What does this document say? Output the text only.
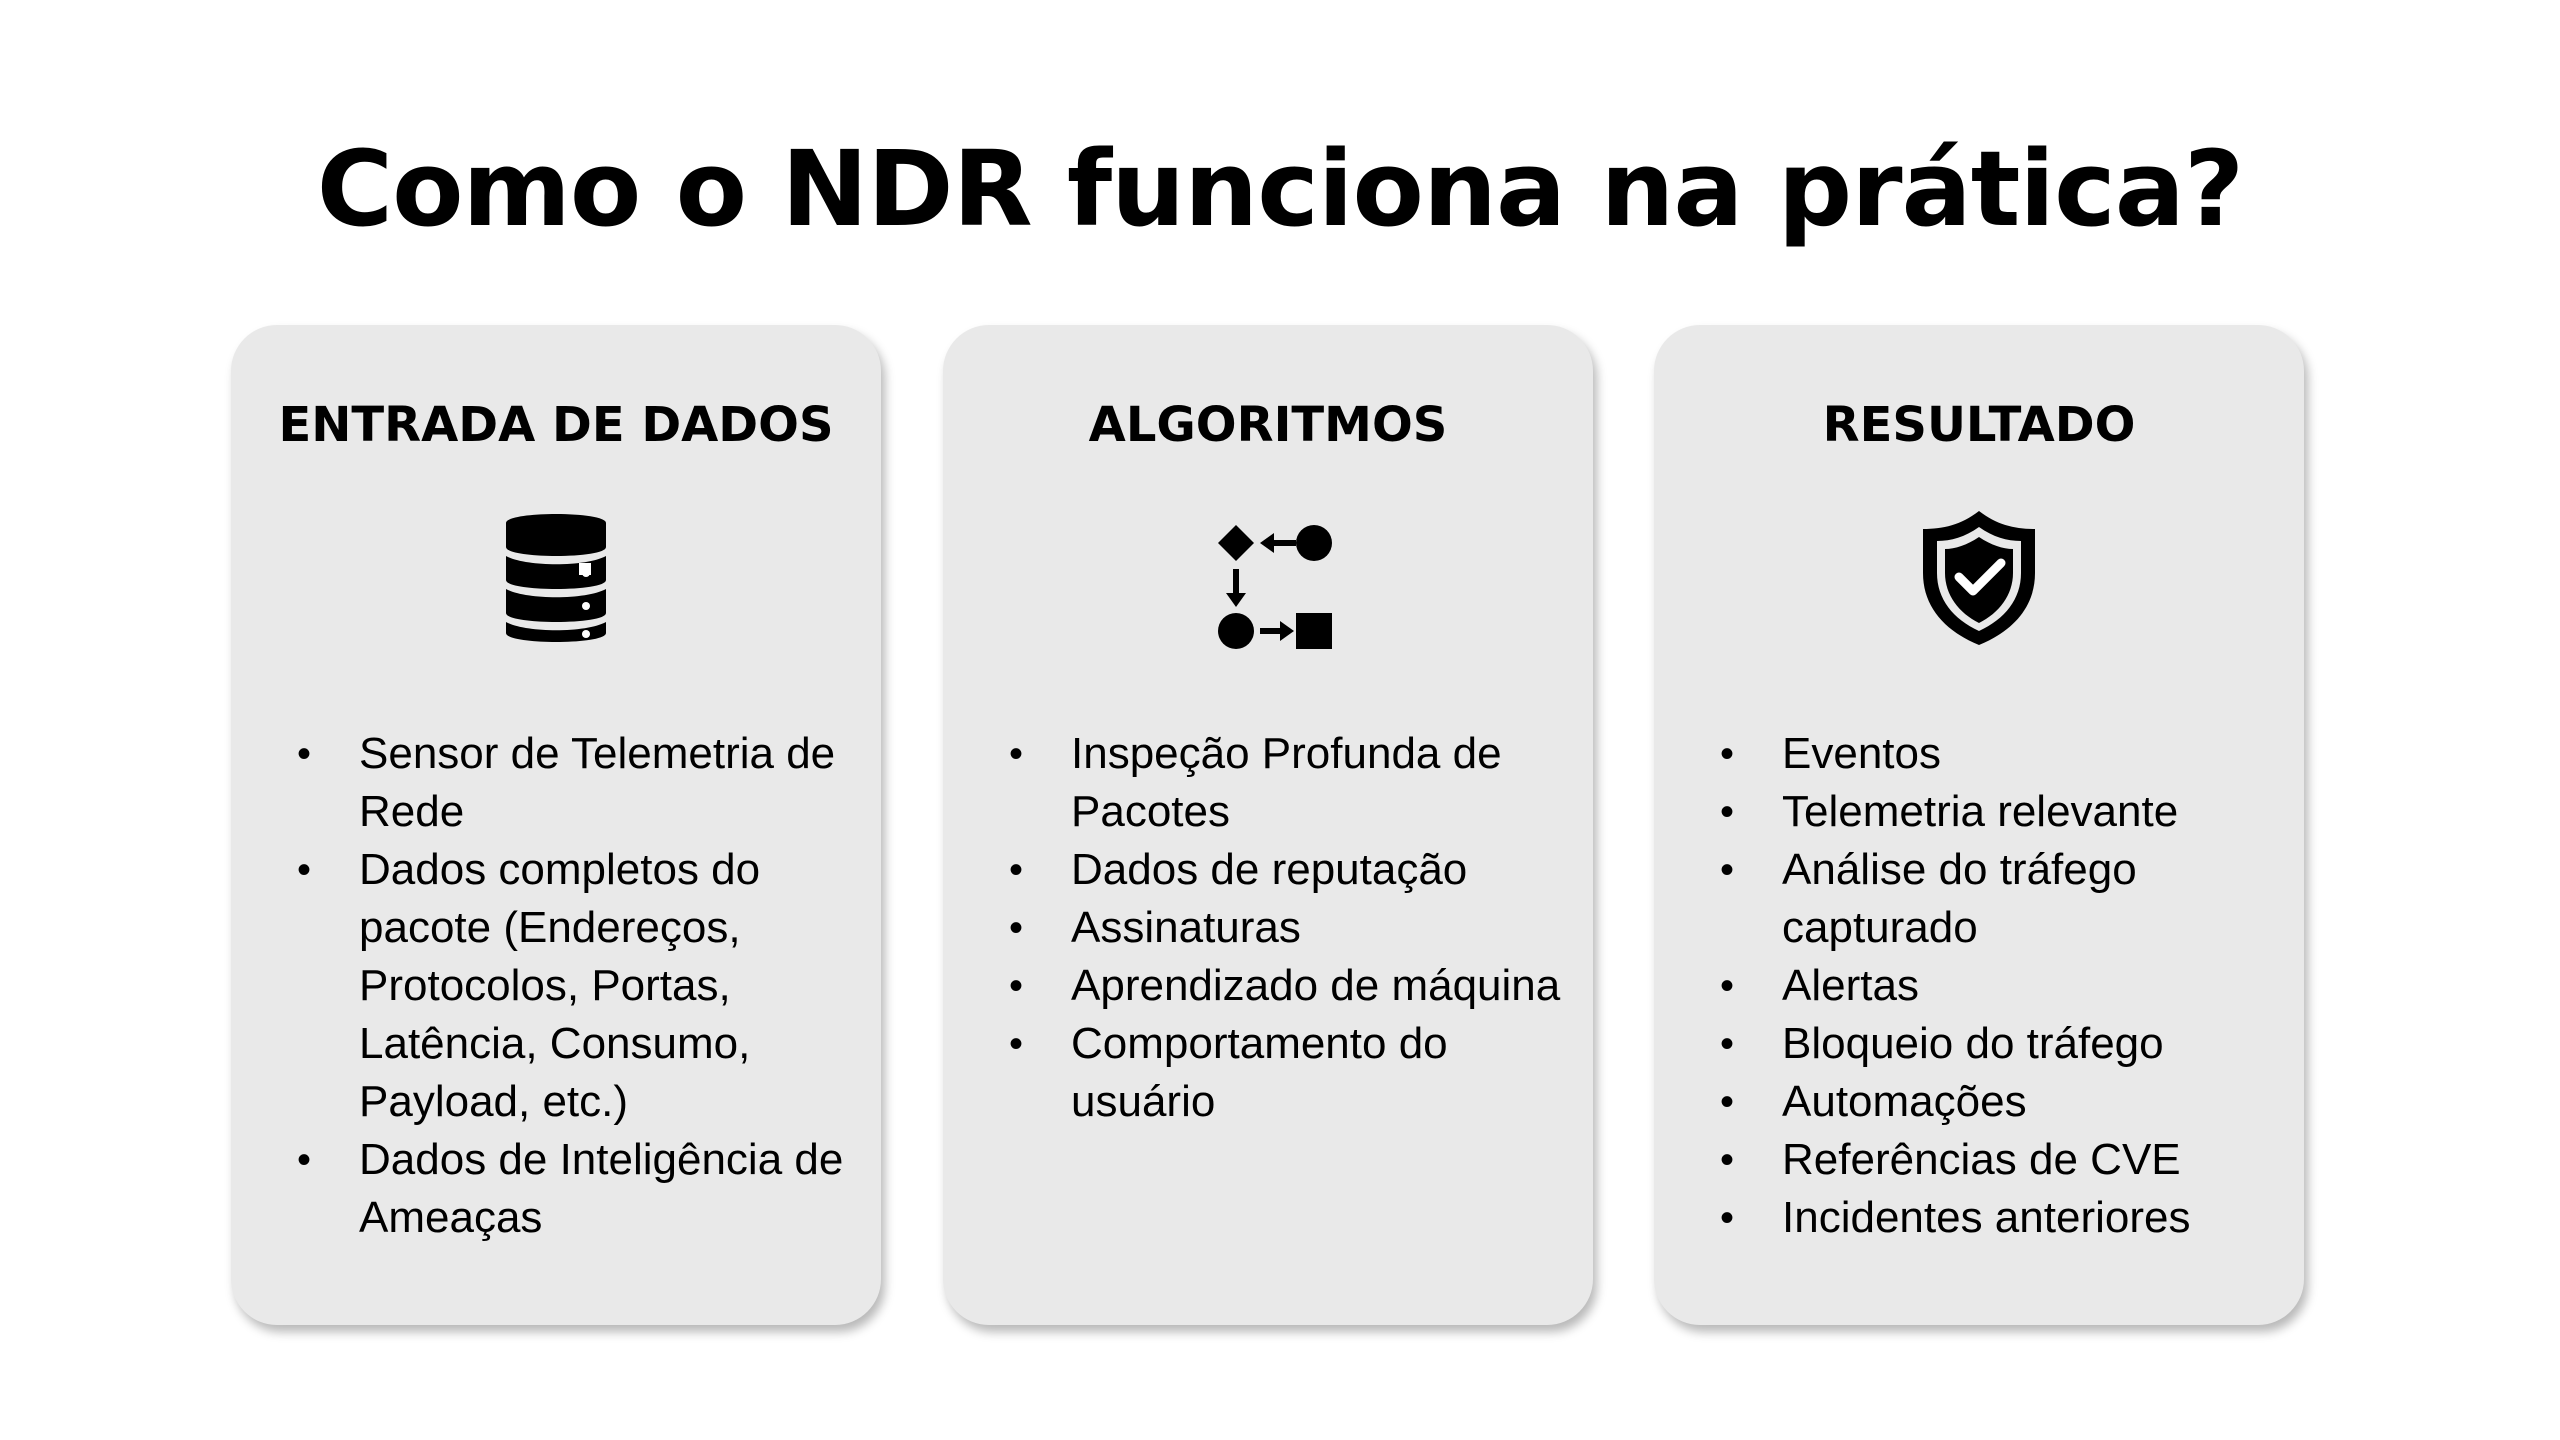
Como o NDR funciona na prática?
ENTRADA DE DADOS
• Sensor de Telemetria de Rede
• Dados completos do pacote (Endereços, Protocolos, Portas, Latência, Consumo, Payload, etc.)
• Dados de Inteligência de Ameaças
ALGORITMOS
• Inspeção Profunda de Pacotes
• Dados de reputação
• Assinaturas
• Aprendizado de máquina
• Comportamento do usuário
RESULTADO
• Eventos
• Telemetria relevante
• Análise do tráfego capturado
• Alertas
• Bloqueio do tráfego
• Automações
• Referências de CVE
• Incidentes anteriores
